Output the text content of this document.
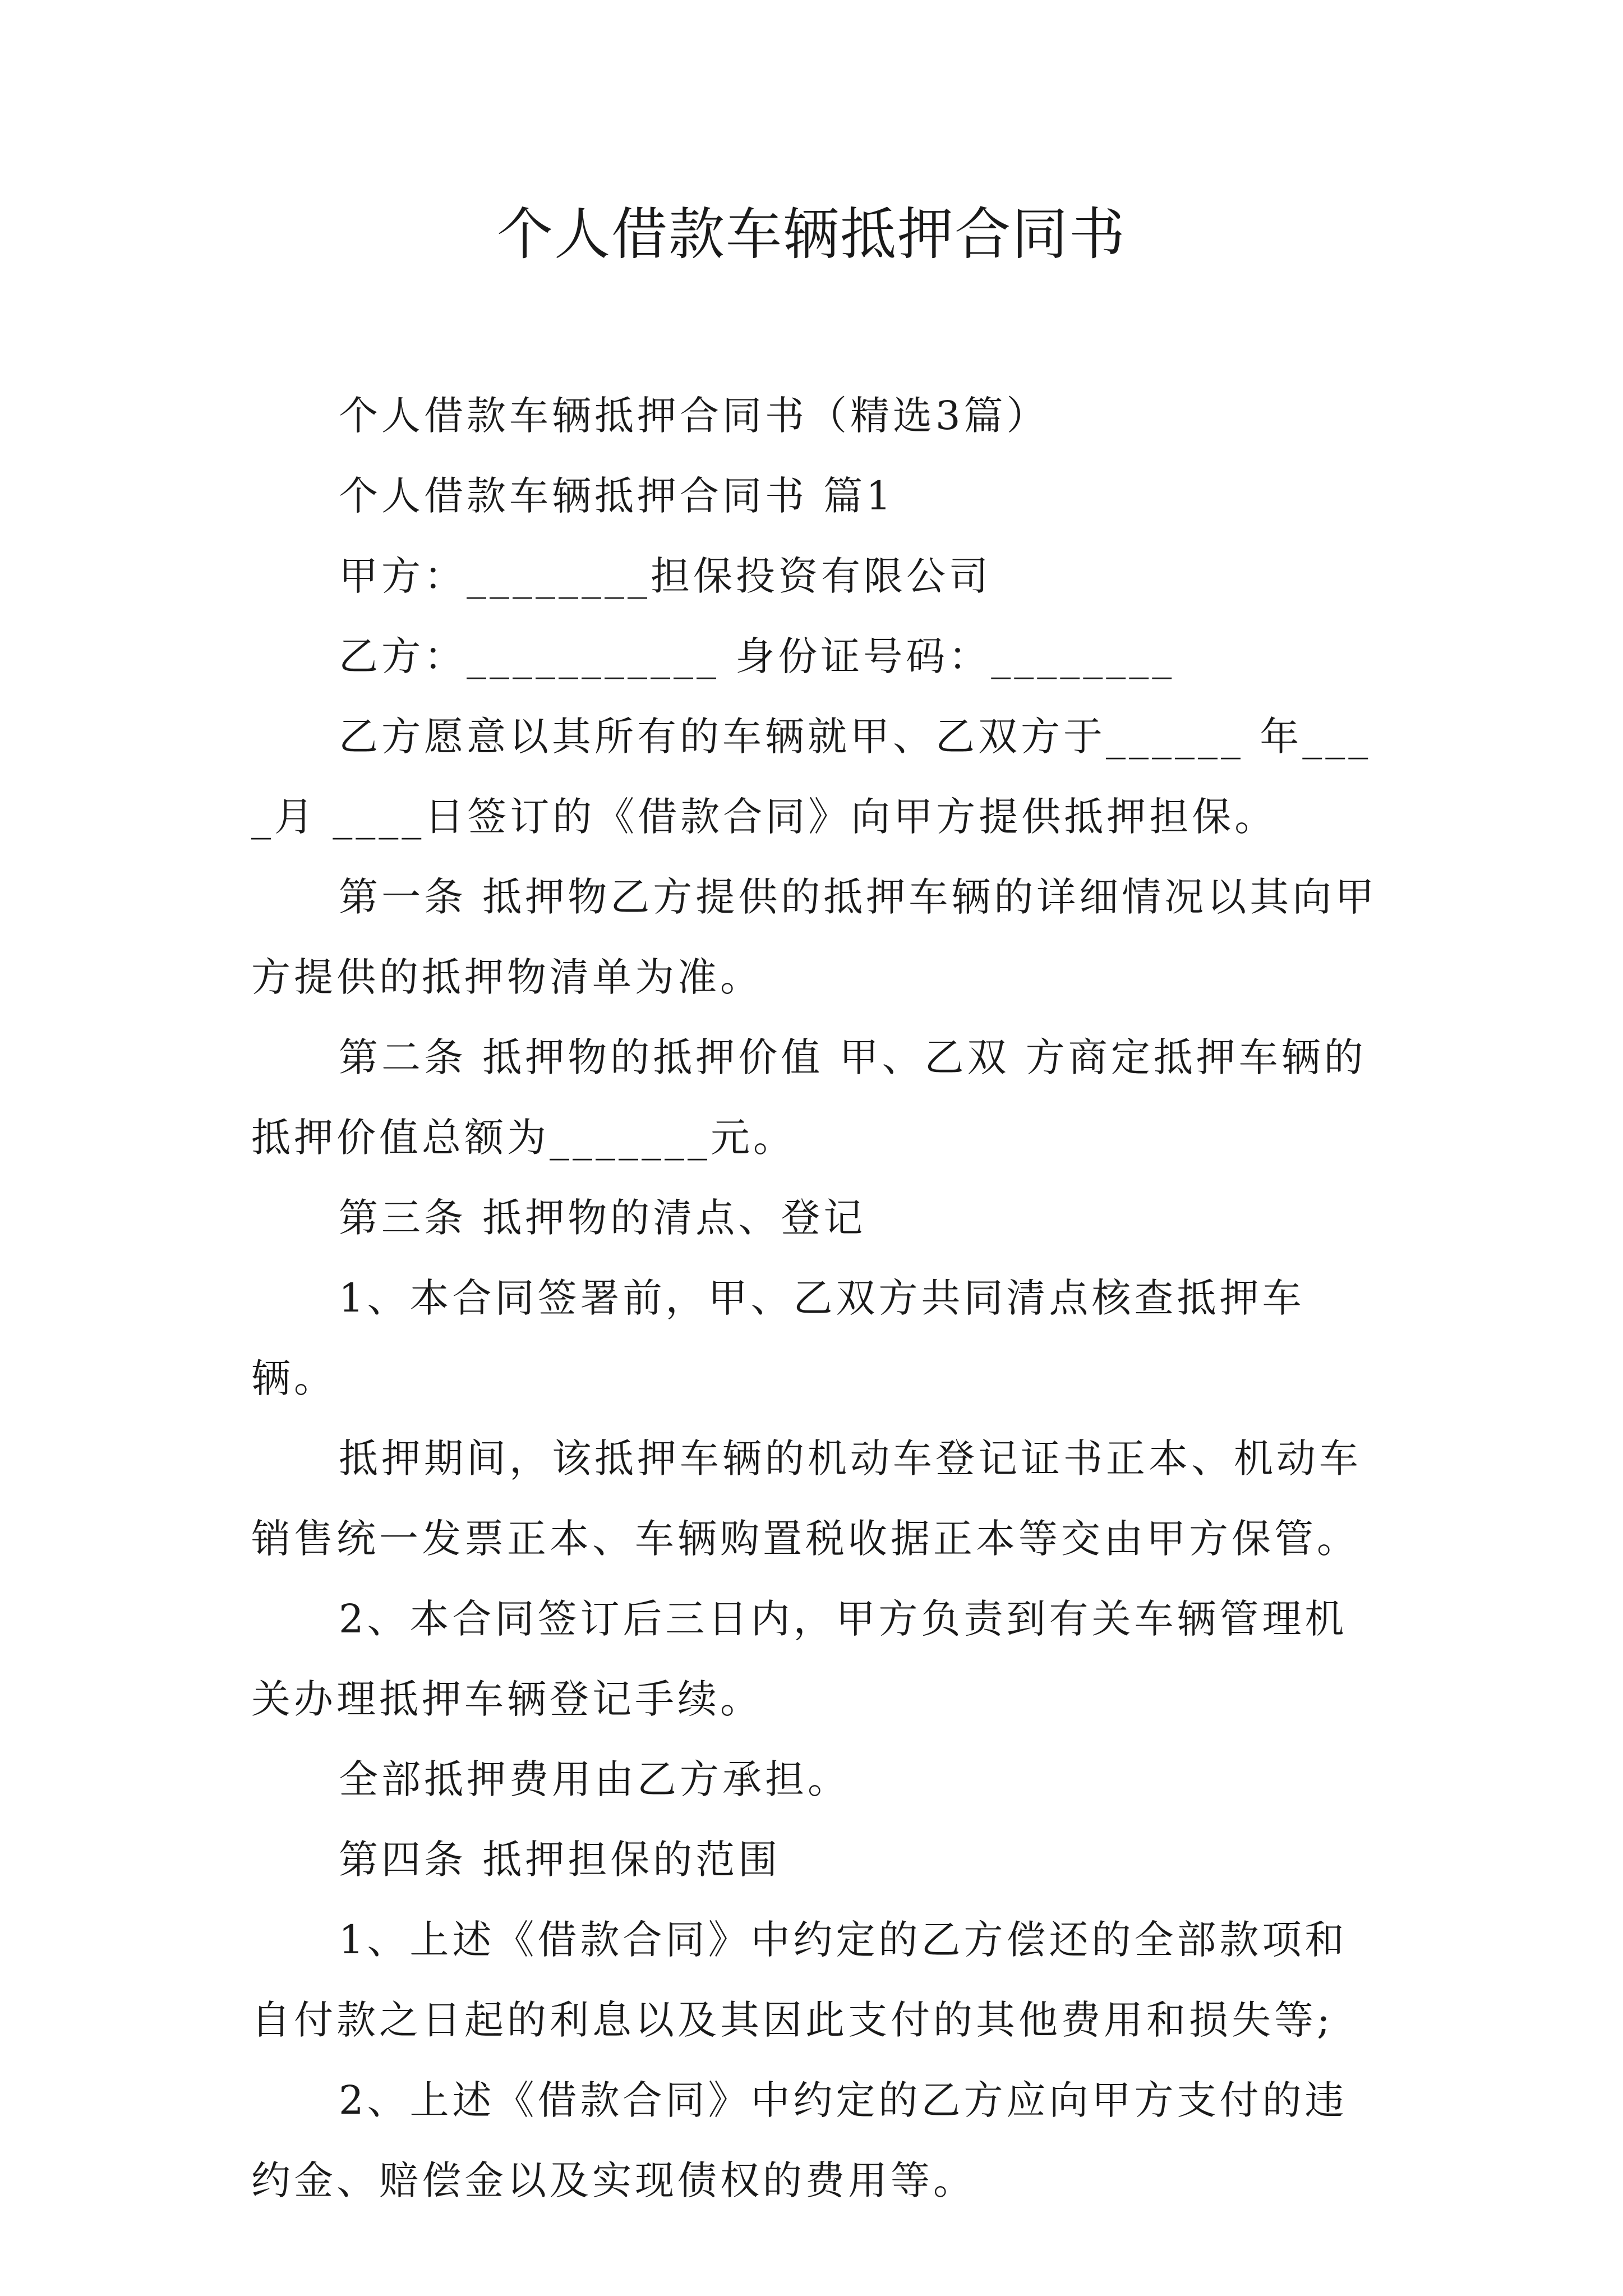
个人借款车辆抵押合同书

个人借款车辆抵押合同书（精选3篇）

个人借款车辆抵押合同书 篇1

甲方：________担保投资有限公司

乙方：___________ 身份证号码：________

乙方愿意以其所有的车辆就甲、乙双方于______ 年____月 ____日签订的《借款合同》向甲方提供抵押担保。

第一条 抵押物乙方提供的抵押车辆的详细情况以其向甲方提供的抵押物清单为准。

第二条 抵押物的抵押价值 甲、乙双 方商定抵押车辆的抵押价值总额为_______元。

第三条 抵押物的清点、登记

1、本合同签署前，甲、乙双方共同清点核查抵押车辆。

抵押期间，该抵押车辆的机动车登记证书正本、机动车销售统一发票正本、车辆购置税收据正本等交由甲方保管。

2、本合同签订后三日内，甲方负责到有关车辆管理机关办理抵押车辆登记手续。

全部抵押费用由乙方承担。

第四条 抵押担保的范围

1、上述《借款合同》中约定的乙方偿还的全部款项和自付款之日起的利息以及其因此支付的其他费用和损失等;

2、上述《借款合同》中约定的乙方应向甲方支付的违约金、赔偿金以及实现债权的费用等。
